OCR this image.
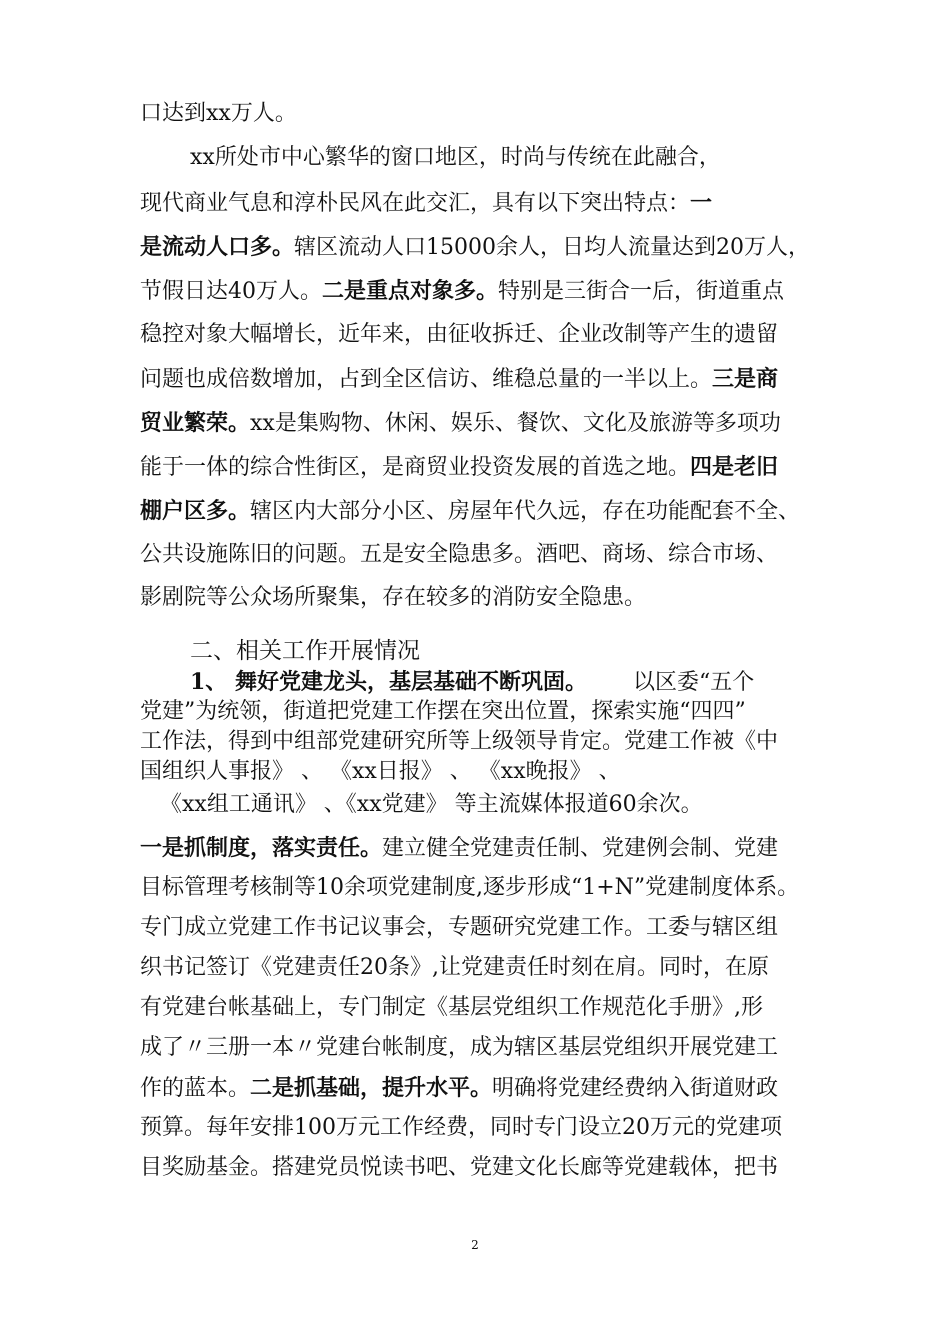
口达到xx万人。
xx所处市中心繁华的窗口地区，时尚与传统在此融合，
现代商业气息和淳朴民风在此交汇，具有以下突出特点：一
是流动人口多。辖区流动人口15000余人，日均人流量达到20万人，
节假日达40万人。二是重点对象多。特别是三街合一后，街道重点
稳控对象大幅增长，近年来，由征收拆迁、企业改制等产生的遗留
问题也成倍数增加，占到全区信访、维稳总量的一半以上。三是商
贸业繁荣。xx是集购物、休闲、娱乐、餐饮、文化及旅游等多项功
能于一体的综合性街区，是商贸业投资发展的首选之地。四是老旧
棚户区多。辖区内大部分小区、房屋年代久远，存在功能配套不全、
公共设施陈旧的问题。五是安全隐患多。酒吧、商场、综合市场、
影剧院等公众场所聚集，存在较多的消防安全隐患。
二、相关工作开展情况
1、 舞好党建龙头，基层基础不断巩固。 以区委“五个
党建”为统领，街道把党建工作摆在突出位置，探索实施“四四”
工作法，得到中组部党建研究所等上级领导肯定。党建工作被《中
国组织人事报》 、 《xx日报》 、 《xx晚报》 、
《xx组工通讯》 、《xx党建》 等主流媒体报道60余次。
一是抓制度，落实责任。建立健全党建责任制、党建例会制、党建
目标管理考核制等10余项党建制度,逐步形成“1+N”党建制度体系。
专门成立党建工作书记议事会，专题研究党建工作。工委与辖区组
织书记签订《党建责任20条》,让党建责任时刻在肩。同时，在原
有党建台帐基础上，专门制定《基层党组织工作规范化手册》,形
成了〃三册一本〃党建台帐制度，成为辖区基层党组织开展党建工
作的蓝本。二是抓基础，提升水平。明确将党建经费纳入街道财政
预算。每年安排100万元工作经费，同时专门设立20万元的党建项
目奖励基金。搭建党员悦读书吧、党建文化长廊等党建载体，把书
2
